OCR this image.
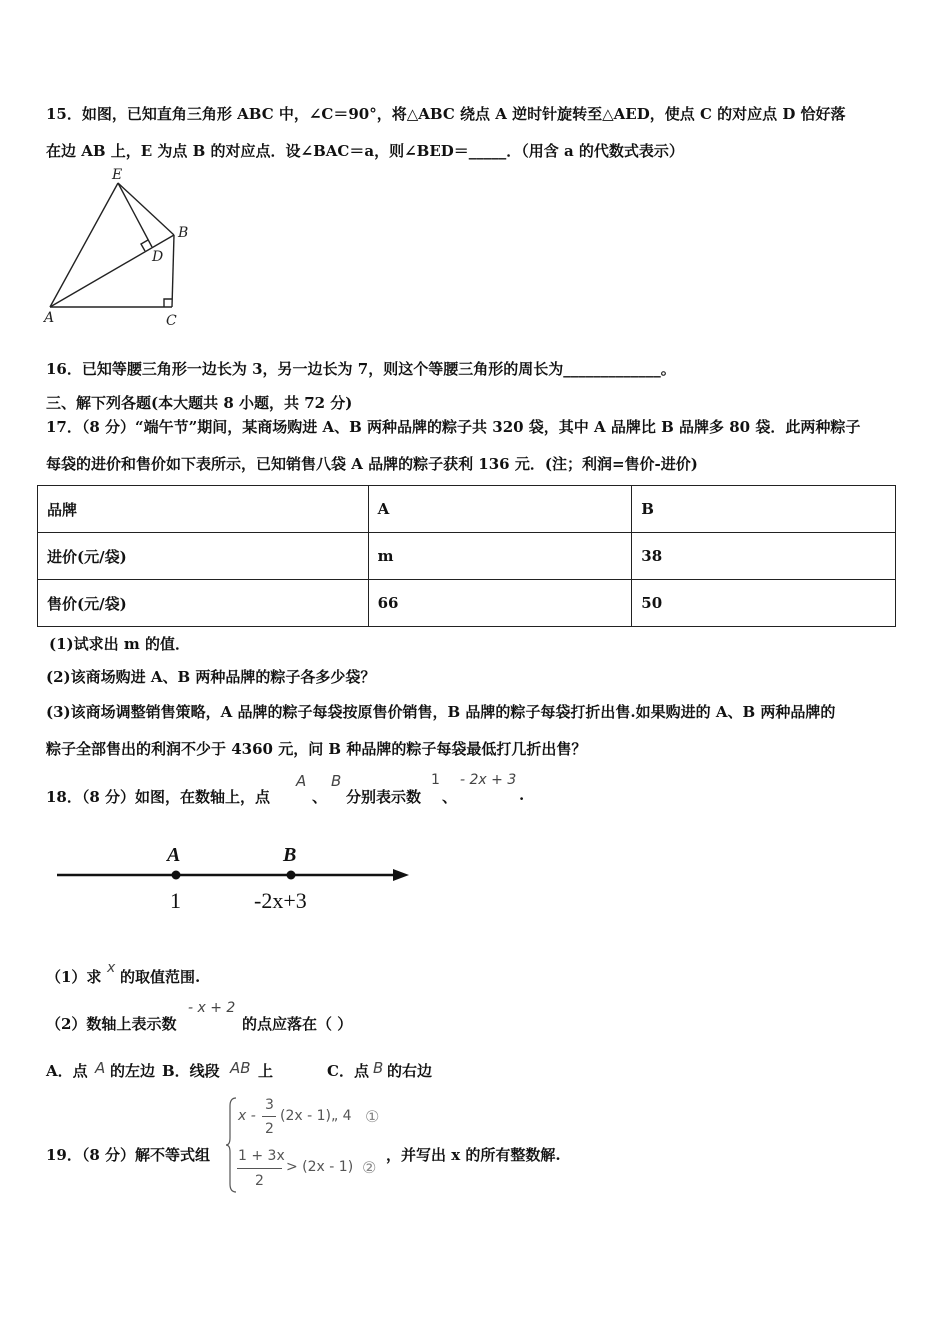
15．如图，已知直角三角形 ABC 中，∠C＝90°，将△ABC 绕点 A 逆时针旋转至△AED，使点 C 的对应点 D 恰好落
在边 AB 上，E 为点 B 的对应点．设∠BAC＝a，则∠BED＝_____．（用含 a 的代数式表示）
E
B
D
A	C
16．已知等腰三角形一边长为 3，另一边长为 7，则这个等腰三角形的周长为_____________。
三、解下列各题(本大题共 8 小题，共 72 分)
17．（8 分）“端午节”期间，某商场购进 A、B 两种品牌的粽子共 320 袋，其中 A 品牌比 B 品牌多 80 袋．此两种粽子
每袋的进价和售价如下表所示，已知销售八袋 A 品牌的粽子获利 136 元．(注；利润=售价-进价)
品牌	A	B
进价(元/袋)	m	38
售价(元/袋)	66	50
(1)试求出 m 的值．
(2)该商场购进 A、B 两种品牌的粽子各多少袋？
(3)该商场调整销售策略，A 品牌的粽子每袋按原售价销售，B 品牌的粽子每袋打折出售.如果购进的 A、B 两种品牌的
粽子全部售出的利润不少于 4360 元，问 B 种品牌的粽子每袋最低打几折出售？
18．（8 分）如图，在数轴上，点
A
、
B
分别表示数
1
、
- 2x + 3
.
A	B
1	-2x+3
（1）求 x 的取值范围.
（2）数轴上表示数
- x + 2
的点应落在（ ）
A．点 A 的左边 B．线段 AB 上	C．点 B 的右边
19．（8 分）解不等式组
x -
3
2
(2x - 1)„ 4 ①
1 + 3x
2
> (2x - 1) ②
，并写出 x 的所有整数解.
